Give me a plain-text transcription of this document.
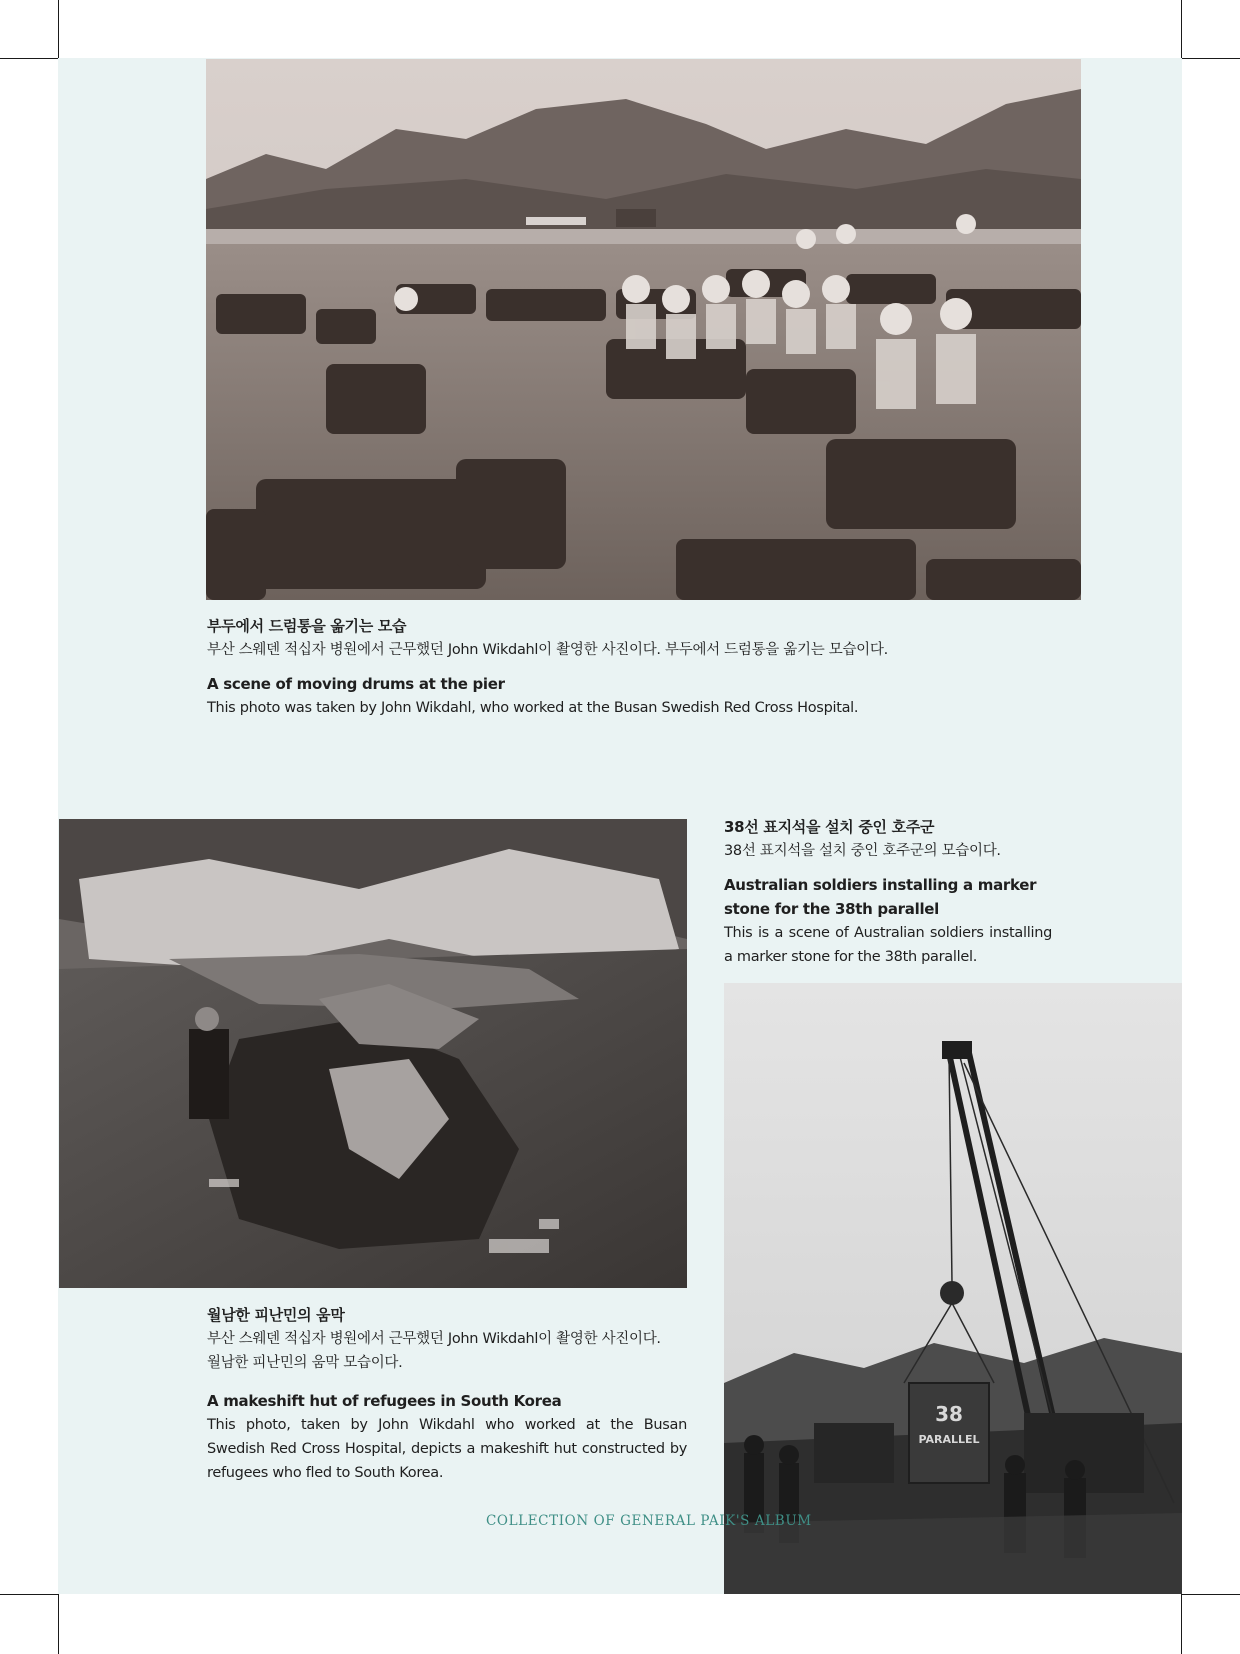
부두에서 드럼통을 옮기는 모습
부산 스웨덴 적십자 병원에서 근무했던 John Wikdahl이 촬영한 사진이다. 부두에서 드럼통을 옮기는 모습이다.
A scene of moving drums at the pier
This photo was taken by John Wikdahl, who worked at the Busan Swedish Red Cross Hospital.
월남한 피난민의 움막
부산 스웨덴 적십자 병원에서 근무했던 John Wikdahl이 촬영한 사진이다.
월남한 피난민의 움막 모습이다.
A makeshift hut of refugees in South Korea
This photo, taken by John Wikdahl who worked at the Busan Swedish Red Cross Hospital, depicts a makeshift hut constructed by refugees who fled to South Korea.
38선 표지석을 설치 중인 호주군
38선 표지석을 설치 중인 호주군의 모습이다.
Australian soldiers installing a marker stone for the 38th parallel
This is a scene of Australian soldiers installing a marker stone for the 38th parallel.
38
PARALLEL
COLLECTION OF GENERAL PAIK'S ALBUM
